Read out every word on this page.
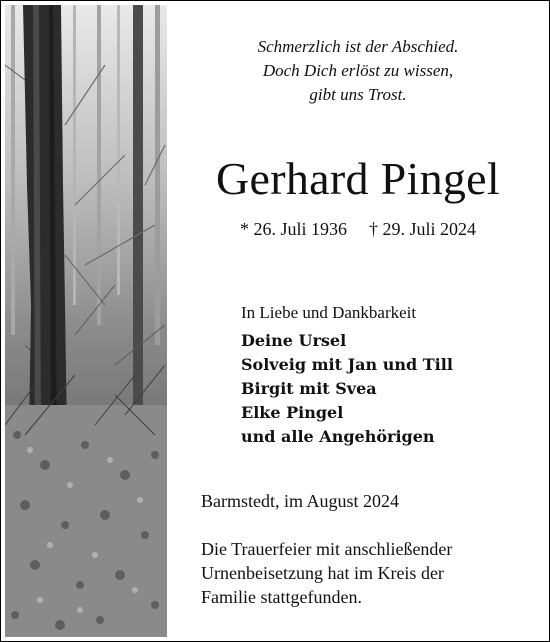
Schmerzlich ist der Abschied.
Doch Dich erlöst zu wissen,
gibt uns Trost.
Gerhard Pingel
* 26. Juli 1936 † 29. Juli 2024
In Liebe und Dankbarkeit
Deine Ursel
Solveig mit Jan und Till
Birgit mit Svea
Elke Pingel
und alle Angehörigen
Barmstedt, im August 2024
Die Trauerfeier mit anschließender
Urnenbeisetzung hat im Kreis der
Familie stattgefunden.
